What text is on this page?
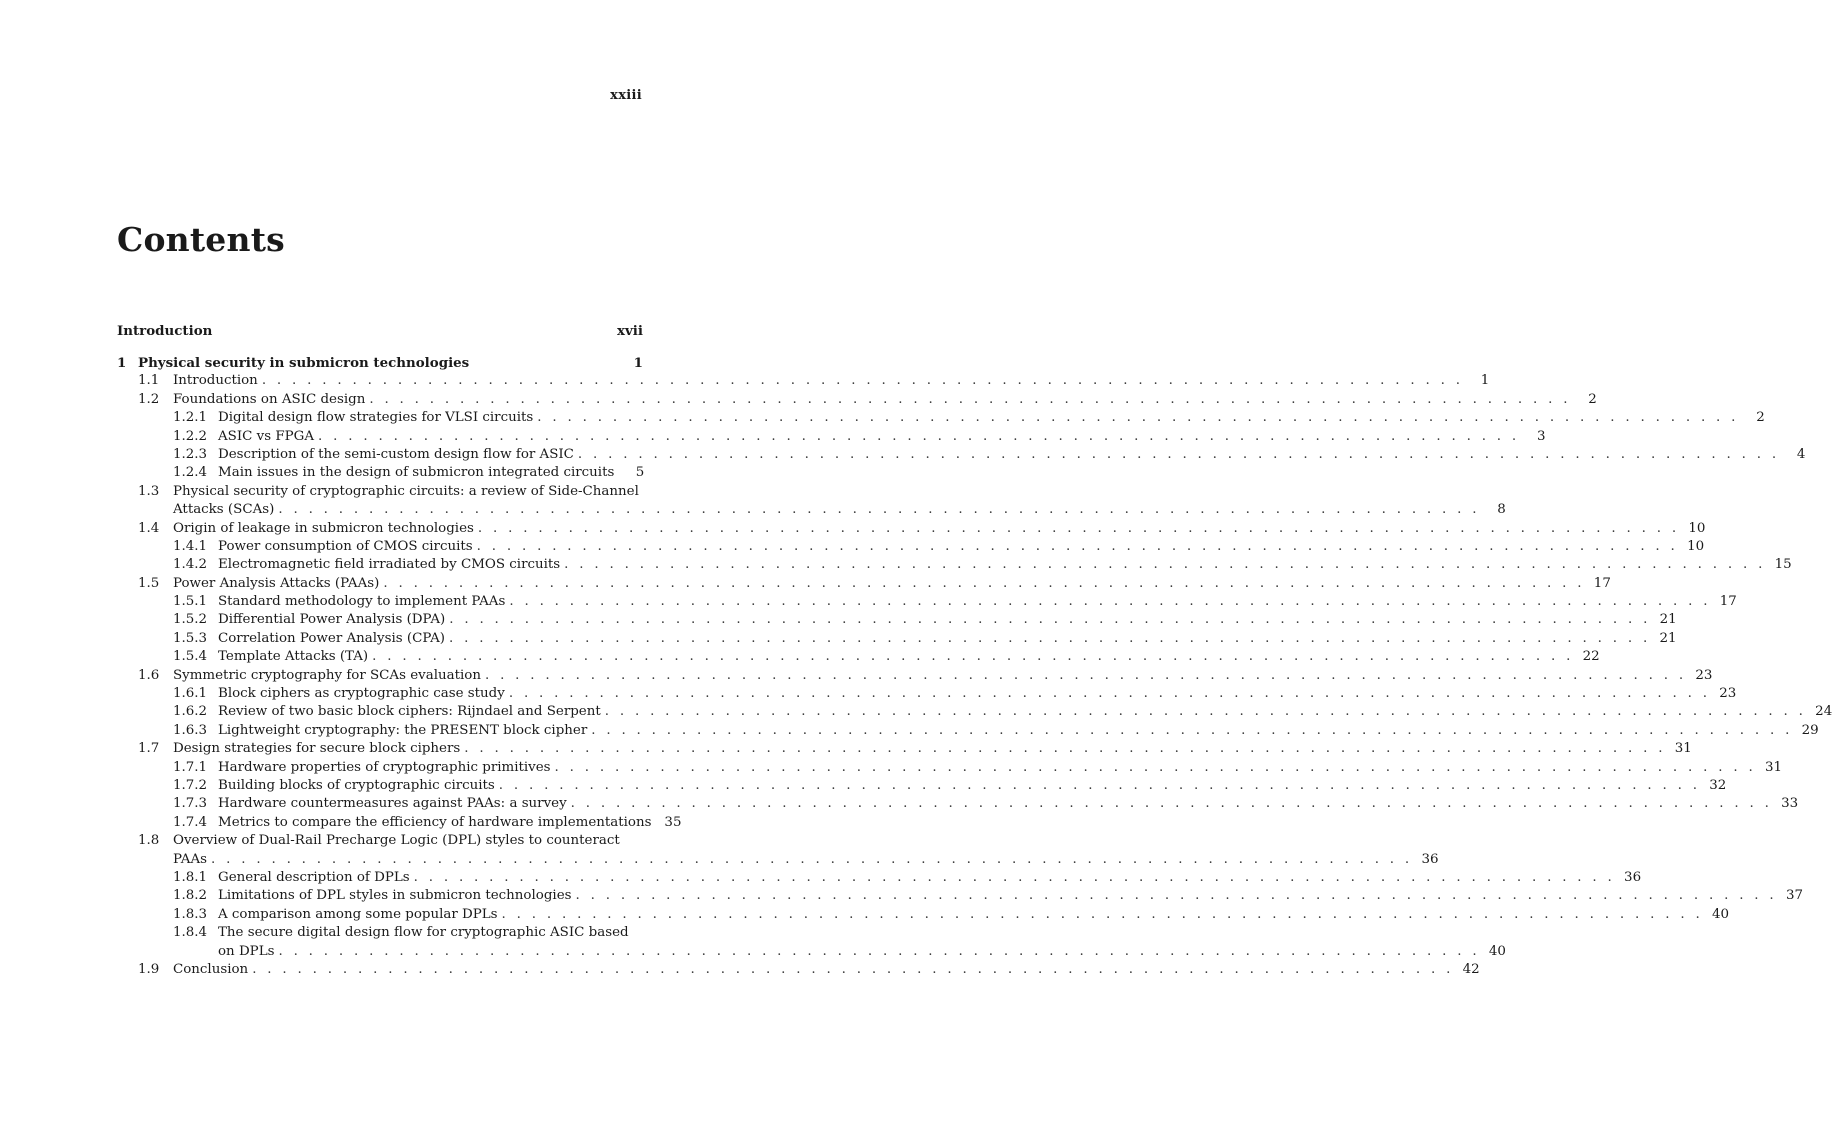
xxiii
Contents
Introduction	xvii
1 Physical security in submicron technologies	1
1.1 Introduction . . . . . . . . . . . . . . . . . . . . . . . . . . . . . . . . . . . . . . . . . . . . . . . . . . . . . . . . . . . . . . . . . . . . . . . . . . . . . . . .	1
1.2 Foundations on ASIC design . . . . . . . . . . . . . . . . . . . . . . . . . . . . . . . . . . . . . . . . . . . . . . . . . . . . . . . . . . . . . . . . . . . . . . . . . . . . . . . .	2
1.2.1 Digital design flow strategies for VLSI circuits . . . . . . . . . . . . . . . . . . . . . . . . . . . . . . . . . . . . . . . . . . . . . . . . . . . . . . . . . . . . . . . . . . . . . . . . . . . . . . . .	2
1.2.2 ASIC vs FPGA . . . . . . . . . . . . . . . . . . . . . . . . . . . . . . . . . . . . . . . . . . . . . . . . . . . . . . . . . . . . . . . . . . . . . . . . . . . . . . . .	3
1.2.3 Description of the semi-custom design flow for ASIC . . . . . . . . . . . . . . . . . . . . . . . . . . . . . . . . . . . . . . . . . . . . . . . . . . . . . . . . . . . . . . . . . . . . . . . . . . . . . . . .	4
1.2.4 Main issues in the design of submicron integrated circuits	5
1.3 Physical security of cryptographic circuits: a review of Side-Channel
Attacks (SCAs) . . . . . . . . . . . . . . . . . . . . . . . . . . . . . . . . . . . . . . . . . . . . . . . . . . . . . . . . . . . . . . . . . . . . . . . . . . . . . . . .	8
1.4 Origin of leakage in submicron technologies . . . . . . . . . . . . . . . . . . . . . . . . . . . . . . . . . . . . . . . . . . . . . . . . . . . . . . . . . . . . . . . . . . . . . . . . . . . . . . . . 10
1.4.1 Power consumption of CMOS circuits . . . . . . . . . . . . . . . . . . . . . . . . . . . . . . . . . . . . . . . . . . . . . . . . . . . . . . . . . . . . . . . . . . . . . . . . . . . . . . . . 10
1.4.2 Electromagnetic field irradiated by CMOS circuits . . . . . . . . . . . . . . . . . . . . . . . . . . . . . . . . . . . . . . . . . . . . . . . . . . . . . . . . . . . . . . . . . . . . . . . . . . . . . . . . 15
1.5 Power Analysis Attacks (PAAs) . . . . . . . . . . . . . . . . . . . . . . . . . . . . . . . . . . . . . . . . . . . . . . . . . . . . . . . . . . . . . . . . . . . . . . . . . . . . . . . . 17
1.5.1 Standard methodology to implement PAAs . . . . . . . . . . . . . . . . . . . . . . . . . . . . . . . . . . . . . . . . . . . . . . . . . . . . . . . . . . . . . . . . . . . . . . . . . . . . . . . . 17
1.5.2 Differential Power Analysis (DPA) . . . . . . . . . . . . . . . . . . . . . . . . . . . . . . . . . . . . . . . . . . . . . . . . . . . . . . . . . . . . . . . . . . . . . . . . . . . . . . . . 21
1.5.3 Correlation Power Analysis (CPA) . . . . . . . . . . . . . . . . . . . . . . . . . . . . . . . . . . . . . . . . . . . . . . . . . . . . . . . . . . . . . . . . . . . . . . . . . . . . . . . . 21
1.5.4 Template Attacks (TA) . . . . . . . . . . . . . . . . . . . . . . . . . . . . . . . . . . . . . . . . . . . . . . . . . . . . . . . . . . . . . . . . . . . . . . . . . . . . . . . . 22
1.6 Symmetric cryptography for SCAs evaluation . . . . . . . . . . . . . . . . . . . . . . . . . . . . . . . . . . . . . . . . . . . . . . . . . . . . . . . . . . . . . . . . . . . . . . . . . . . . . . . . 23
1.6.1 Block ciphers as cryptographic case study . . . . . . . . . . . . . . . . . . . . . . . . . . . . . . . . . . . . . . . . . . . . . . . . . . . . . . . . . . . . . . . . . . . . . . . . . . . . . . . . 23
1.6.2 Review of two basic block ciphers: Rijndael and Serpent . . . . . . . . . . . . . . . . . . . . . . . . . . . . . . . . . . . . . . . . . . . . . . . . . . . . . . . . . . . . . . . . . . . . . . . . . . . . . . . . 24
1.6.3 Lightweight cryptography: the PRESENT block cipher . . . . . . . . . . . . . . . . . . . . . . . . . . . . . . . . . . . . . . . . . . . . . . . . . . . . . . . . . . . . . . . . . . . . . . . . . . . . . . . . 29
1.7 Design strategies for secure block ciphers . . . . . . . . . . . . . . . . . . . . . . . . . . . . . . . . . . . . . . . . . . . . . . . . . . . . . . . . . . . . . . . . . . . . . . . . . . . . . . . . 31
1.7.1 Hardware properties of cryptographic primitives . . . . . . . . . . . . . . . . . . . . . . . . . . . . . . . . . . . . . . . . . . . . . . . . . . . . . . . . . . . . . . . . . . . . . . . . . . . . . . . . 31
1.7.2 Building blocks of cryptographic circuits . . . . . . . . . . . . . . . . . . . . . . . . . . . . . . . . . . . . . . . . . . . . . . . . . . . . . . . . . . . . . . . . . . . . . . . . . . . . . . . . 32
1.7.3 Hardware countermeasures against PAAs: a survey . . . . . . . . . . . . . . . . . . . . . . . . . . . . . . . . . . . . . . . . . . . . . . . . . . . . . . . . . . . . . . . . . . . . . . . . . . . . . . . . 33
1.7.4 Metrics to compare the efficiency of hardware implementations 35
1.8 Overview of Dual-Rail Precharge Logic (DPL) styles to counteract
PAAs . . . . . . . . . . . . . . . . . . . . . . . . . . . . . . . . . . . . . . . . . . . . . . . . . . . . . . . . . . . . . . . . . . . . . . . . . . . . . . . . 36
1.8.1 General description of DPLs . . . . . . . . . . . . . . . . . . . . . . . . . . . . . . . . . . . . . . . . . . . . . . . . . . . . . . . . . . . . . . . . . . . . . . . . . . . . . . . . 36
1.8.2 Limitations of DPL styles in submicron technologies . . . . . . . . . . . . . . . . . . . . . . . . . . . . . . . . . . . . . . . . . . . . . . . . . . . . . . . . . . . . . . . . . . . . . . . . . . . . . . . . 37
1.8.3 A comparison among some popular DPLs . . . . . . . . . . . . . . . . . . . . . . . . . . . . . . . . . . . . . . . . . . . . . . . . . . . . . . . . . . . . . . . . . . . . . . . . . . . . . . . . 40
1.8.4 The secure digital design flow for cryptographic ASIC based
on DPLs . . . . . . . . . . . . . . . . . . . . . . . . . . . . . . . . . . . . . . . . . . . . . . . . . . . . . . . . . . . . . . . . . . . . . . . . . . . . . . . . 40
1.9 Conclusion . . . . . . . . . . . . . . . . . . . . . . . . . . . . . . . . . . . . . . . . . . . . . . . . . . . . . . . . . . . . . . . . . . . . . . . . . . . . . . . . 42
